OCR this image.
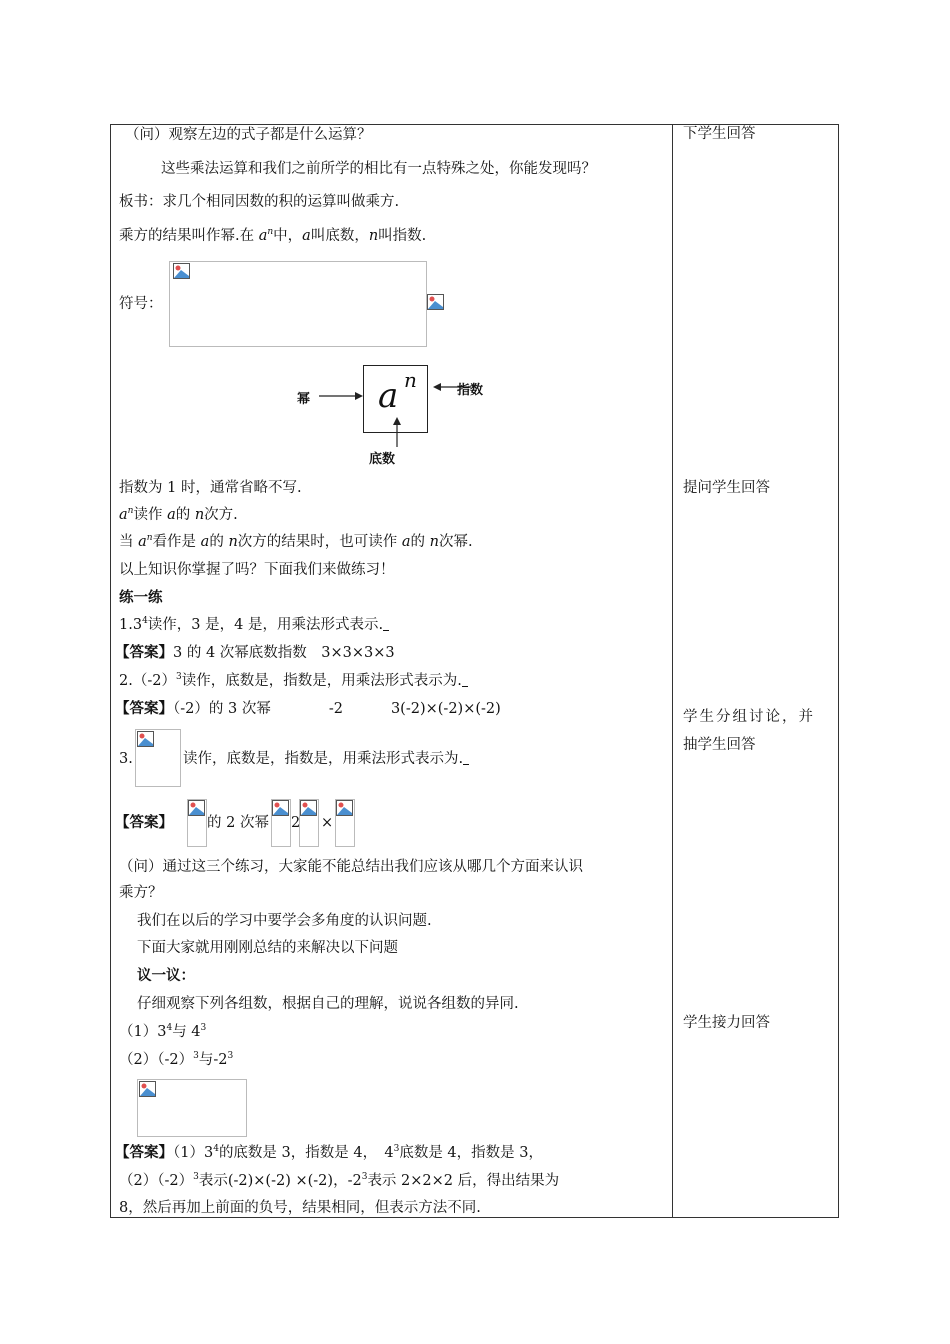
（问）观察左边的式子都是什么运算？
这些乘法运算和我们之前所学的相比有一点特殊之处，你能发现吗？
板书：求几个相同因数的积的运算叫做乘方.
乘方的结果叫作幂.在 $a^n$中，a叫底数，n叫指数.
符号：
a n
幂
指数
底数
指数为 1 时，通常省略不写.
$a^n$读作 a的 n次方.
当 $a^n$看作是 a的 n次方的结果时，也可读作 a的 n次幂.
以上知识你掌握了吗？下面我们来做练习！
练一练
$1.3^4$读作，3 是，4 是，用乘法形式表示.
【答案】3 的 4 次幂底数指数　3×3×3×3
$2.(-2)^3$读作，底数是，指数是，用乘法形式表示为.
【答案】（-2）的 3 次幂	-2	3(-2)×(-2)×(-2)
3.	读作，底数是，指数是，用乘法形式表示为.
【答案】 的 2 次幂 2 ×
（问）通过这三个练习，大家能不能总结出我们应该从哪几个方面来认识
乘方？
我们在以后的学习中要学会多角度的认识问题.
下面大家就用刚刚总结的来解决以下问题
议一议：
仔细观察下列各组数，根据自己的理解，说说各组数的异同.
$(1)3^4$与 $4^3$
$(2)(-2)^3$与$-2^3$
【答案】$(1)3^4$的底数是 3，指数是 4，　$4^3$底数是 4，指数是 3，
$(2)(-2)^3$表示(-2)×(-2) ×(-2)，$-2^3$表示 2×2×2 后，得出结果为
8，然后再加上前面的负号，结果相同，但表示方法不同.
下学生回答
提问学生回答
学生分组讨论，并
抽学生回答
学生接力回答
